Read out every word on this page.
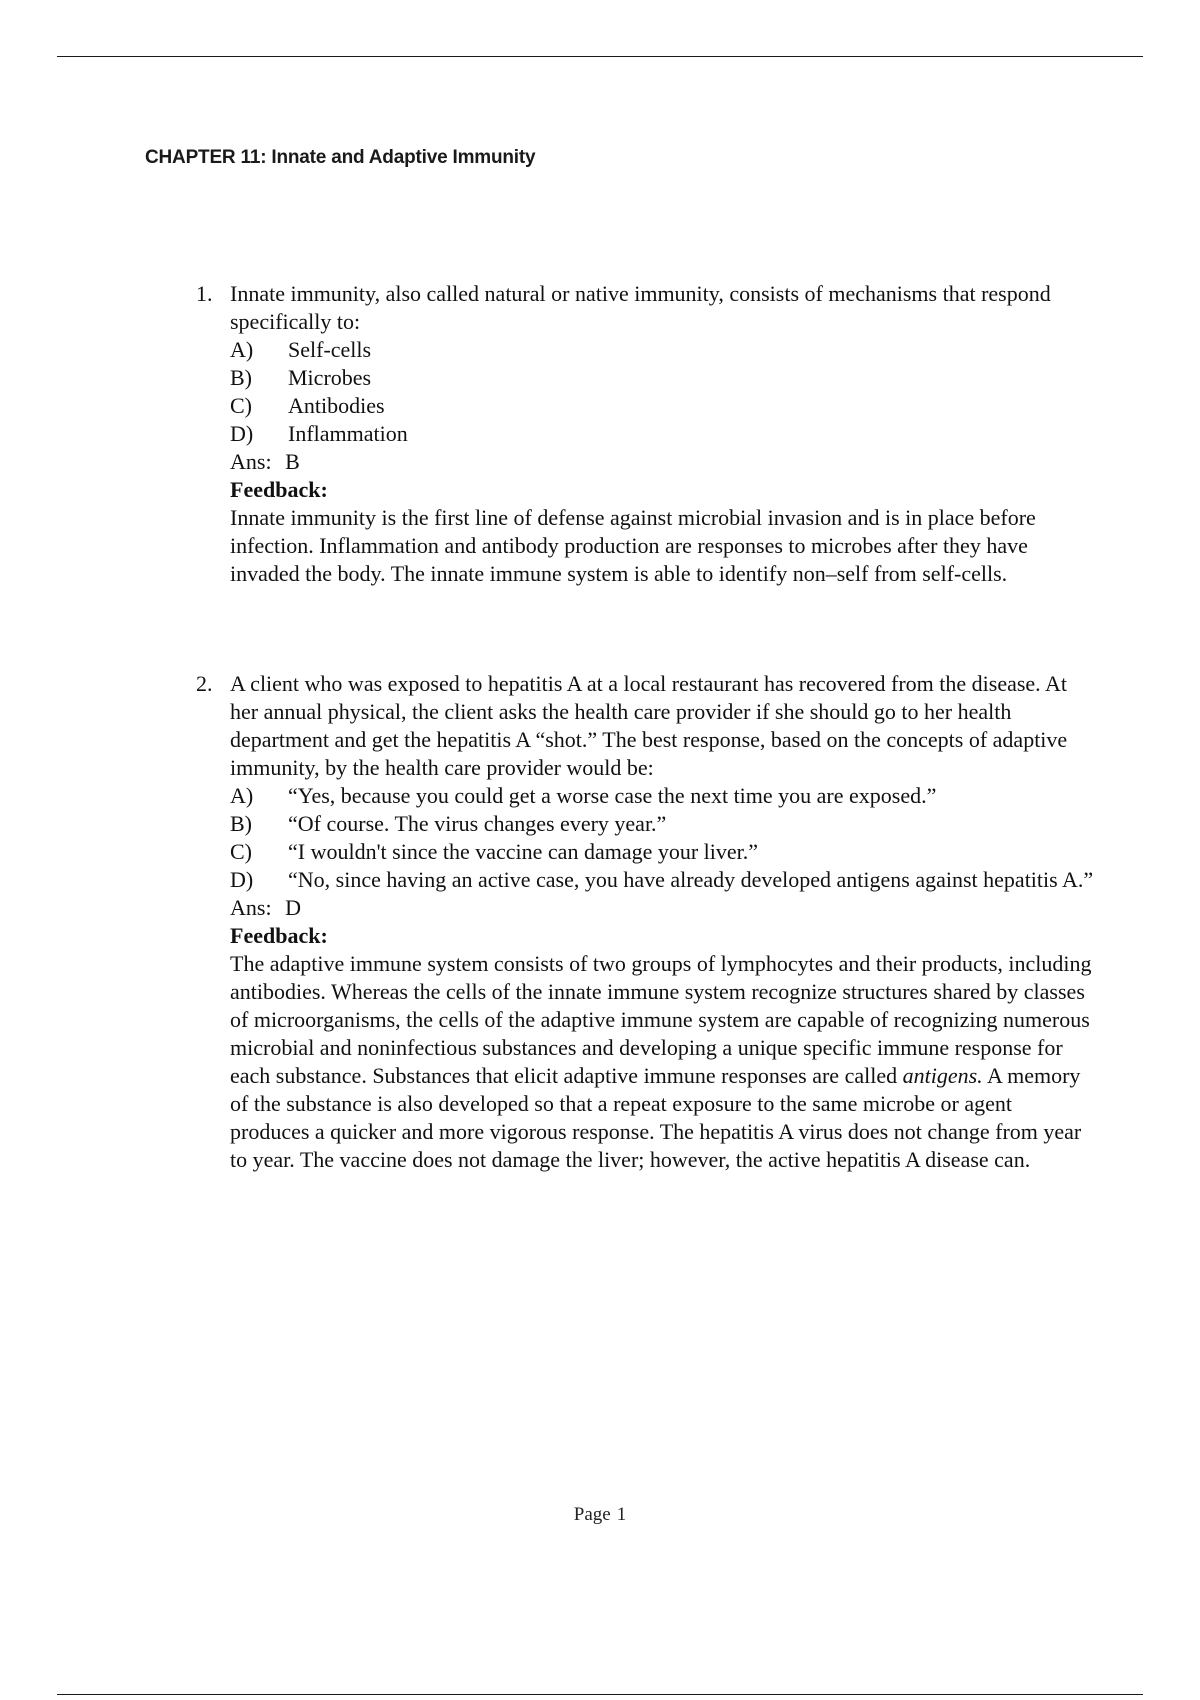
CHAPTER 11: Innate and Adaptive Immunity
1. Innate immunity, also called natural or native immunity, consists of mechanisms that respond specifically to:
A)	Self-cells
B)	Microbes
C)	Antibodies
D)	Inflammation
Ans: B
Feedback:
Innate immunity is the first line of defense against microbial invasion and is in place before infection. Inflammation and antibody production are responses to microbes after they have invaded the body. The innate immune system is able to identify non–self from self-cells.
2. A client who was exposed to hepatitis A at a local restaurant has recovered from the disease. At her annual physical, the client asks the health care provider if she should go to her health department and get the hepatitis A “shot.” The best response, based on the concepts of adaptive immunity, by the health care provider would be:
A)	“Yes, because you could get a worse case the next time you are exposed.”
B)	“Of course. The virus changes every year.”
C)	“I wouldn't since the vaccine can damage your liver.”
D)	“No, since having an active case, you have already developed antigens against hepatitis A.”
Ans: D
Feedback:
The adaptive immune system consists of two groups of lymphocytes and their products, including antibodies. Whereas the cells of the innate immune system recognize structures shared by classes of microorganisms, the cells of the adaptive immune system are capable of recognizing numerous microbial and noninfectious substances and developing a unique specific immune response for each substance. Substances that elicit adaptive immune responses are called antigens. A memory of the substance is also developed so that a repeat exposure to the same microbe or agent produces a quicker and more vigorous response. The hepatitis A virus does not change from year to year. The vaccine does not damage the liver; however, the active hepatitis A disease can.
Page 1
